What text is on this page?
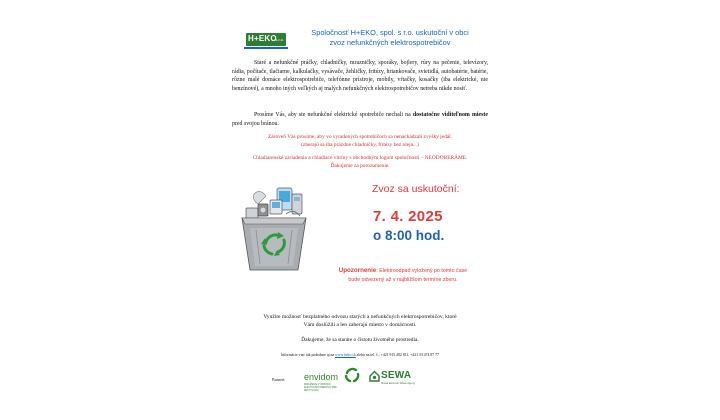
H+EKO
s.r.o.
Spoločnosť H+EKO, spol. s r.o. uskutoční v obci
zvoz nefunkčných elektrospotrebičov
Staré a nefunkčné práčky, chladničky, mrazničky, sporáky, bojlery, rúry na pečenie, televízory, rádia, počítače, tlačiarne, kalkulačky, vysávače, žehličky, fritézy, hriankovače, svietidlá, autobatérie, batérie, rôzne malé domáce elektrospotrebiče, telefónne prístroje, mobily, vŕtačky, kosačky (iba elektrické, nie benzínové), a mnoho iných veľkých aj malých nefunkčných elektrospotrebičov netreba nikde nosiť.
Prosíme Vás, aby ste nefunkčné elektrické spotrebiče nechali na dostatočne viditeľnom mieste pred svojou bránou.
Zároveň Vás prosíme, aby vo vyradených spotrebičoch sa nenachádzali zvyšky jedál.
(zberajú sa iba prázdne chladničky, fritézy bez oleja...)
Chladiarenské zariadenia a chladiace vitríny s obchodným logom spoločnosti – NEODOBERÁME.
Ďakujeme za porozumenie.
Zvoz sa uskutoční:
7. 4. 2025
o 8:00 hod.
Upozornenie: Elektroodpad vyložený po tomto čase
bude odvezený až v najbližšom termíne zberu.
Využite možnosť bezplatného odvozu starých a nefunkčných elektrospotrebičov, ktoré
Vám doslúžili a len zaberajú miesto v domácnosti.
Ďakujeme, že sa staráte o čistotu životného prostredia.
Informácie viac tak podrobne aj na www.heko.sk alebo na tel. č.: +421 915 482 811, +421 33 474 87 77
Partneri: envidom
ZDRUŽENIE VÝROBCOV ELEKTROSPOTREBIČOV PRE RECYKLÁCIU
SEWA
Slovak Electronic Waste Agency
